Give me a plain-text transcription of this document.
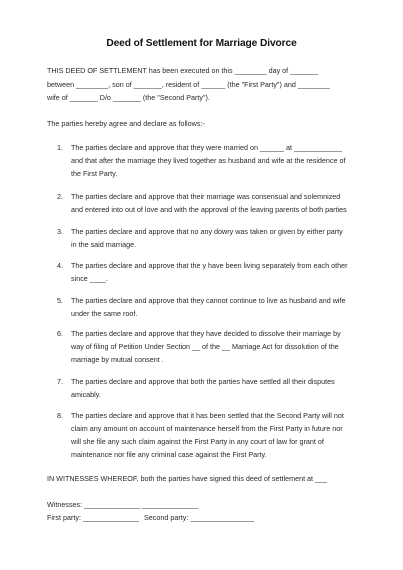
Deed of Settlement for Marriage Divorce
THIS DEED OF SETTLEMENT has been executed on this ________ day of _______
between ________, son of _______, resident of ______ (the "First Party") and ________
wife of _______ D/o _______ (the "Second Party").
The parties hereby agree and declare as follows:-
1. The parties declare and approve that they were married on ______ at ____________
and that after the marriage they lived together as husband and wife at the residence of
the First Party.
2. The parties declare and approve that their marriage was consensual and solemnized
and entered into out of love and with the approval of the leaving parents of both parties
3. The parties declare and approve that no any dowry was taken or given by either party
in the said marriage.
4. The parties declare and approve that the y have been living separately from each other
since ____.
5. The parties declare and approve that they cannot continue to live as husband and wife
under the same roof.
6. The parties declare and approve that they have decided to dissolve their marriage by
way of filing of Petition Under Section __ of the __ Marriage Act for dissolution of the
marriage by mutual consent .
7. The parties declare and approve that both the parties have settled all their disputes
amicably.
8. The parties declare and approve that it has been settled that the Second Party will not
claim any amount on account of maintenance herself from the First Party in future nor
will she file any such claim against the First Party in any court of law for grant of
maintenance nor file any criminal case against the First Party.
IN WITNESSES WHEREOF, both the parties have signed this deed of settlement at ___
Witnesses: ______________ ______________
First party: ______________ Second party: ________________
